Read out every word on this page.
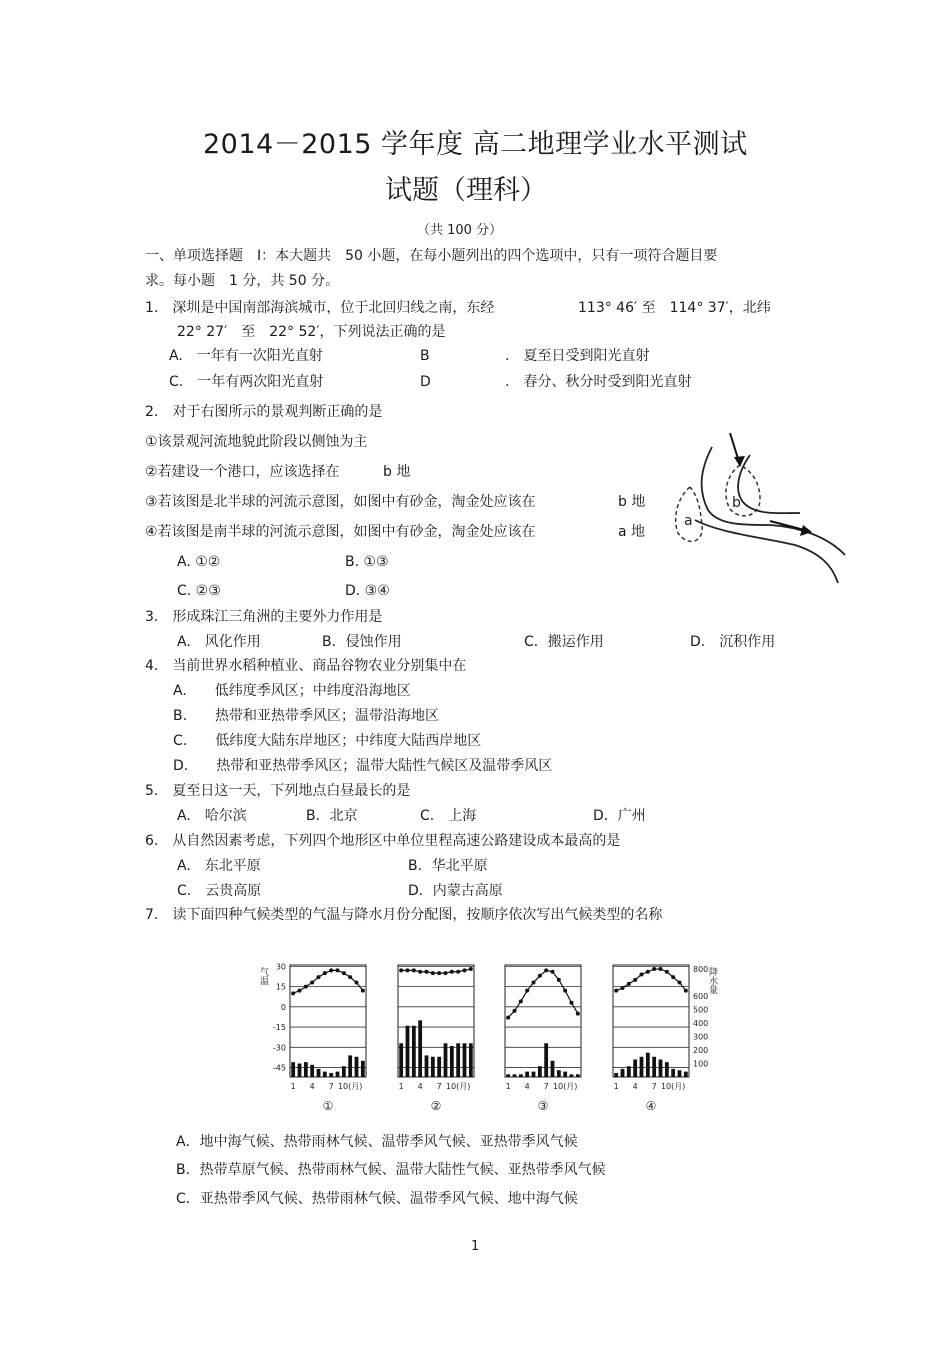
2014－2015 学年度 高二地理学业水平测试
试题（理科）
（共 100 分）
一、单项选择题　I：本大题共　50 小题，在每小题列出的四个选项中，只有一项符合题目要
求。每小题　1 分，共 50 分。
1.　深圳是中国南部海滨城市，位于北回归线之南，东经	113° 46′ 至　114° 37′，北纬
22° 27′　至　22° 52′，下列说法正确的是
A.　一年有一次阳光直射	B	.　夏至日受到阳光直射
C.　一年有两次阳光直射	D	.　春分、秋分时受到阳光直射
2.　对于右图所示的景观判断正确的是
①该景观河流地貌此阶段以侧蚀为主
②若建设一个港口，应该选择在	b 地
③若该图是北半球的河流示意图，如图中有砂金，淘金处应该在	b 地
④若该图是南半球的河流示意图，如图中有砂金，淘金处应该在	a 地
A. ①②	B. ①③
C. ②③	D. ③④
a
b
3.　形成珠江三角洲的主要外力作用是
A.　风化作用	B．侵蚀作用	C．搬运作用	D.　沉积作用
4.　当前世界水稻种植业、商品谷物农业分别集中在
A.　　低纬度季风区；中纬度沿海地区
B.　　热带和亚热带季风区；温带沿海地区
C.　　低纬度大陆东岸地区；中纬度大陆西岸地区
D.　　热带和亚热带季风区；温带大陆性气候区及温带季风区
5.　夏至日这一天，下列地点白昼最长的是
A.　哈尔滨	B．北京	C.　上海	D．广州
6.　从自然因素考虑，下列四个地形区中单位里程高速公路建设成本最高的是
A.　东北平原	B．华北平原
C.　云贵高原	D．内蒙古高原
7.　读下面四种气候类型的气温与降水月份分配图，按顺序依次写出气候类型的名称
气温	降水量
30
15
0
-15
-30
-45
800
600
500
400
300
200
100
1 4 7 10(月)
①
1 4 7 10(月)
②
1 4 7 10(月)
③
1 4 7 10(月)
④
A．地中海气候、热带雨林气候、温带季风气候、亚热带季风气候
B．热带草原气候、热带雨林气候、温带大陆性气候、亚热带季风气候
C．亚热带季风气候、热带雨林气候、温带季风气候、地中海气候
1
